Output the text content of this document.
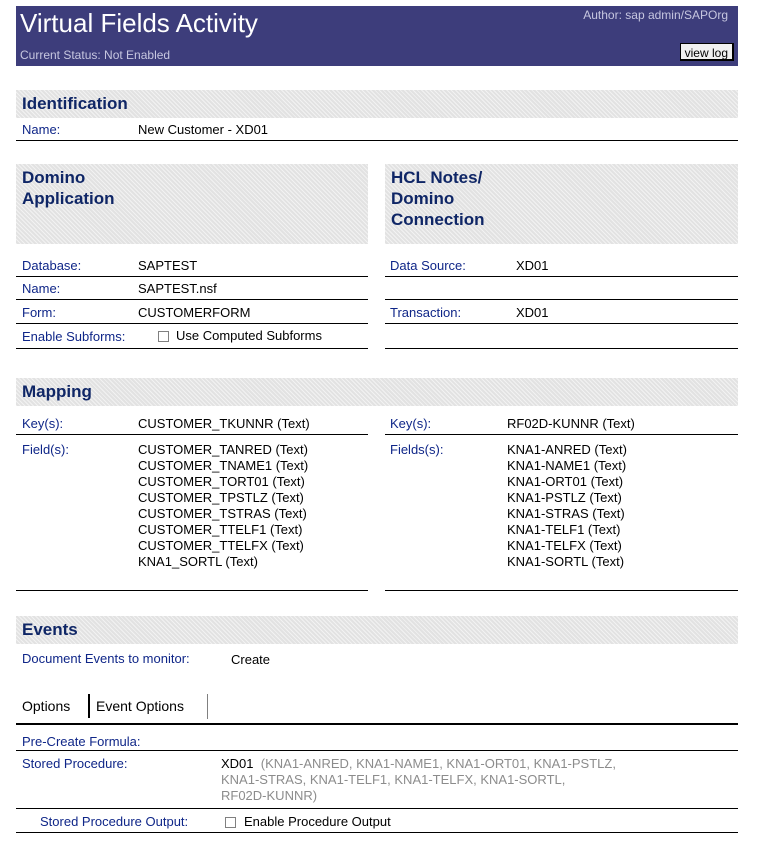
Virtual Fields Activity
Current Status: Not Enabled
Author: sap admin/SAPOrg
view log
Identification
Name:	New Customer - XD01
Domino
Application
Database:	SAPTEST
Name:	SAPTEST.nsf
Form:	CUSTOMERFORM
Enable Subforms:	Use Computed Subforms
HCL Notes/
Domino
Connection
Data Source:	XD01
Transaction:	XD01
Mapping
Key(s):	CUSTOMER_TKUNNR (Text)
Field(s):	CUSTOMER_TANRED (Text)
CUSTOMER_TNAME1 (Text)
CUSTOMER_TORT01 (Text)
CUSTOMER_TPSTLZ (Text)
CUSTOMER_TSTRAS (Text)
CUSTOMER_TTELF1 (Text)
CUSTOMER_TTELFX (Text)
KNA1_SORTL (Text)
Key(s):	RF02D-KUNNR (Text)
Fields(s):	KNA1-ANRED (Text)
KNA1-NAME1 (Text)
KNA1-ORT01 (Text)
KNA1-PSTLZ (Text)
KNA1-STRAS (Text)
KNA1-TELF1 (Text)
KNA1-TELFX (Text)
KNA1-SORTL (Text)
Events
Document Events to monitor:	Create
Options Event Options
Pre-Create Formula:
Stored Procedure:	XD01 (KNA1-ANRED, KNA1-NAME1, KNA1-ORT01, KNA1-PSTLZ,
KNA1-STRAS, KNA1-TELF1, KNA1-TELFX, KNA1-SORTL,
RF02D-KUNNR)
Stored Procedure Output:	Enable Procedure Output
